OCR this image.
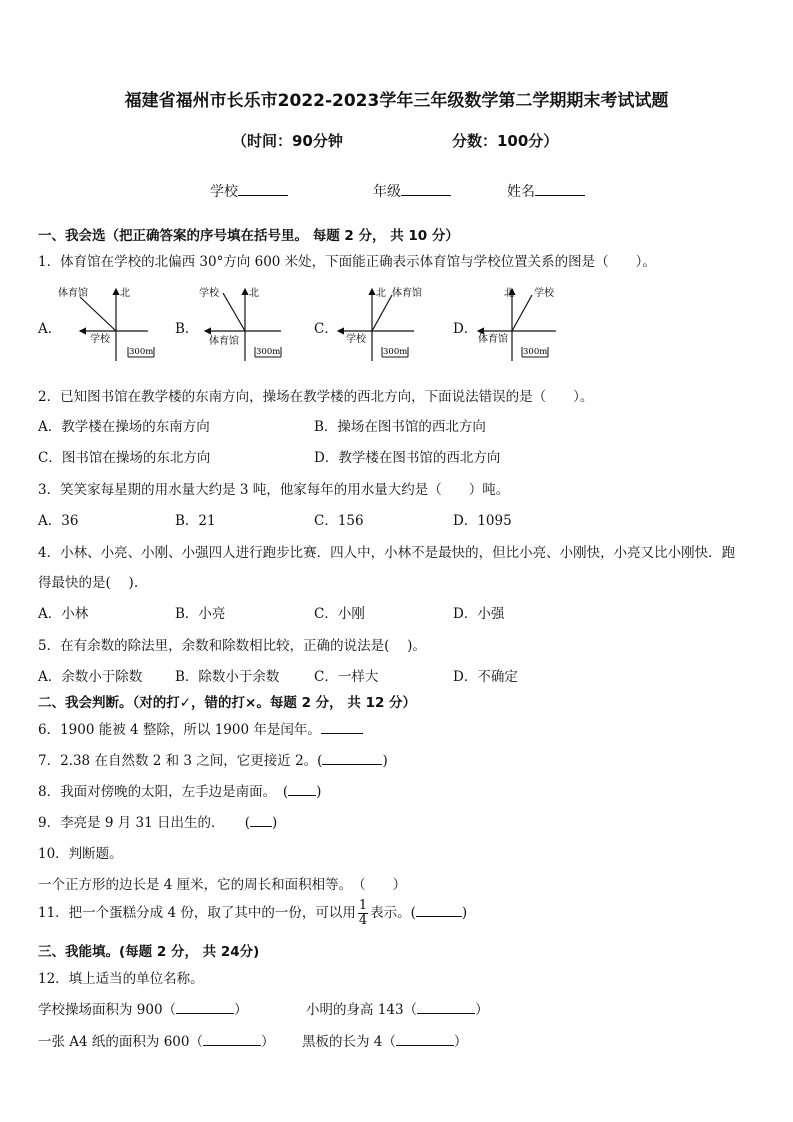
福建省福州市长乐市2022-2023学年三年级数学第二学期期末考试试题
（时间：90分钟	分数：100分）
学校	年级	姓名
一、我会选（把正确答案的序号填在括号里。 每题 2 分， 共 10 分）
1．体育馆在学校的北偏西 30°方向 600 米处，下面能正确表示体育馆与学校位置关系的图是（　　）。
A．	B．	C．	D．
体育馆	北
学校
300m
学校	北
体育馆
300m
北 体育馆
学校
300m
北 学校
体育馆
300m
2．已知图书馆在教学楼的东南方向，操场在教学楼的西北方向，下面说法错误的是（　　）。
A．教学楼在操场的东南方向	B．操场在图书馆的西北方向
C．图书馆在操场的东北方向	D．教学楼在图书馆的西北方向
3．笑笑家每星期的用水量大约是 3 吨，他家每年的用水量大约是（　　）吨。
A．36	B．21	C．156	D．1095
4．小林、小亮、小刚、小强四人进行跑步比赛．四人中，小林不是最快的，但比小亮、小刚快，小亮又比小刚快．跑
得最快的是(　 ).
A．小林	B．小亮	C．小刚	D．小强
5．在有余数的除法里，余数和除数相比较，正确的说法是(　 )。
A．余数小于除数 B．除数小于余数	C．一样大	D．不确定
二、我会判断。（对的打✓，错的打×。每题 2 分， 共 12 分）
6．1900 能被 4 整除，所以 1900 年是闰年。
7．2.38 在自然数 2 和 3 之间，它更接近 2。(	)
8．我面对傍晚的太阳，左手边是南面。　( )
9．李亮是 9 月 31 日出生的．　　( )
10．判断题。
一个正方形的边长是 4 厘米，它的周长和面积相等。　（　　）
11．把一个蛋糕分成 4 份，取了其中的一份，可以用 $\frac{1}{4}$ 表示。(	)
三、我能填。(每题 2 分， 共 24分)
12．填上适当的单位名称。
学校操场面积为 900（	）	小明的身高 143（	）
一张 A4 纸的面积为 600（	） 黑板的长为 4（	）
